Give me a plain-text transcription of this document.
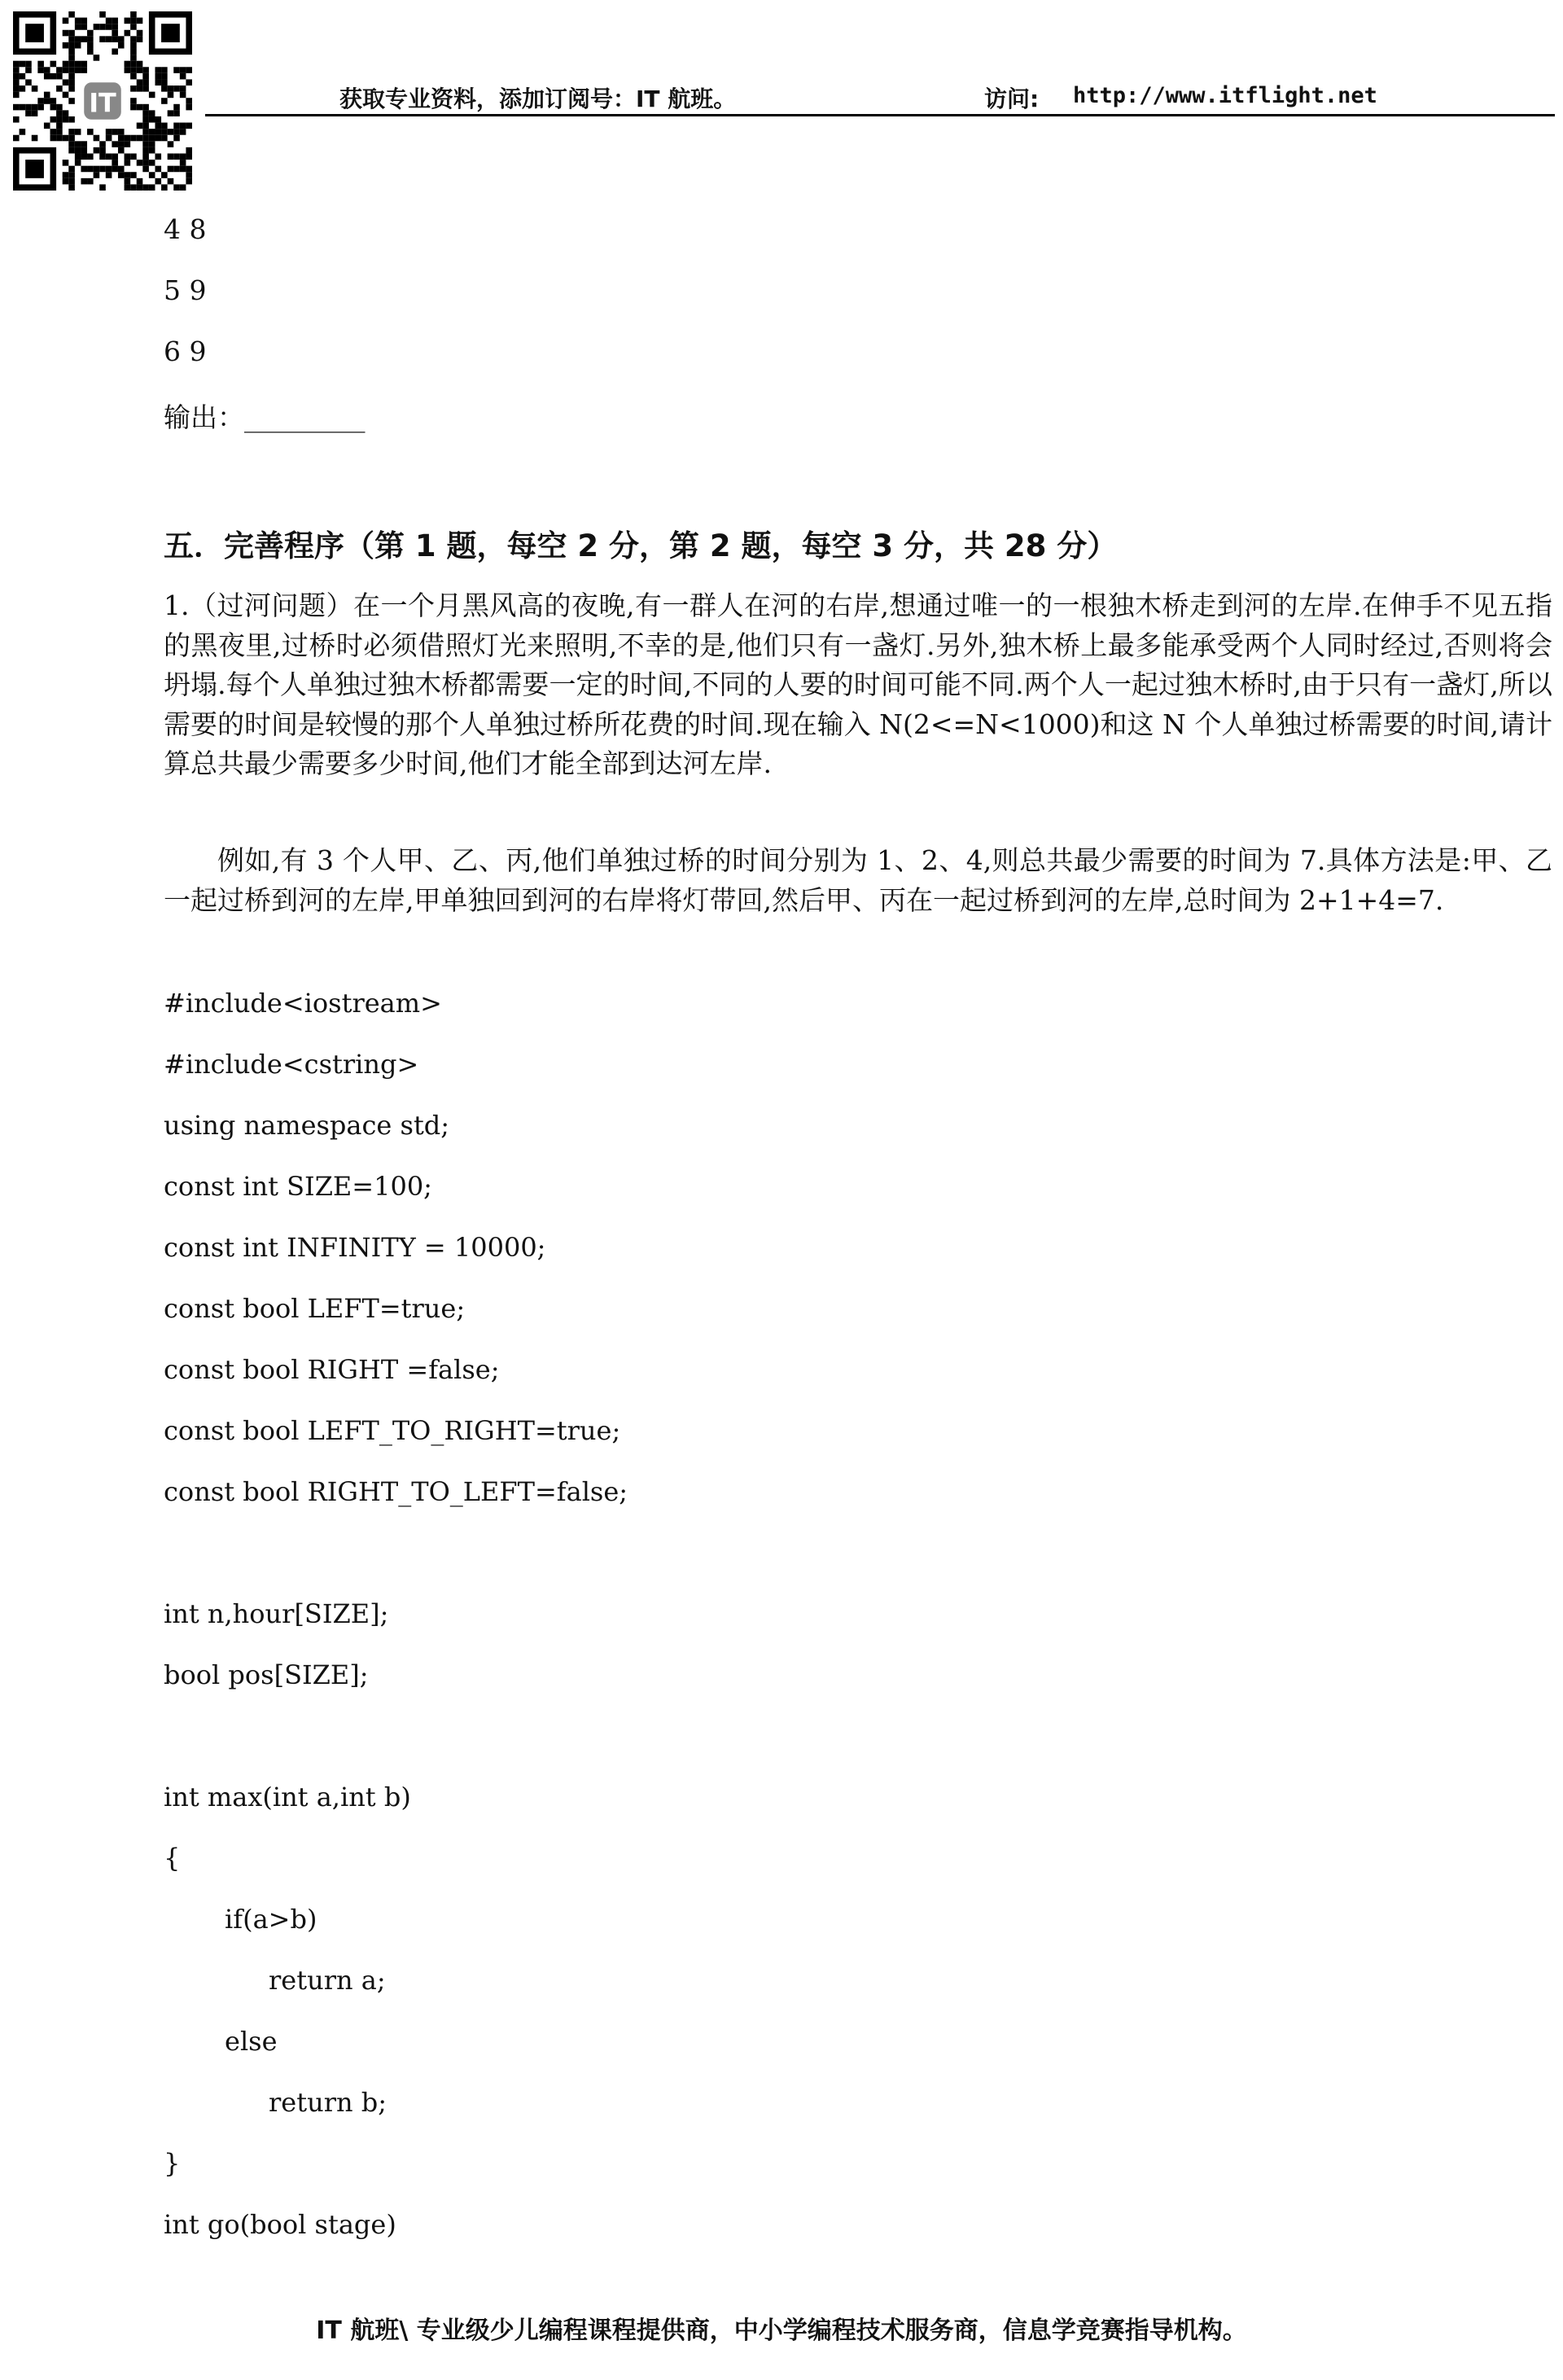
IT	获取专业资料，添加订阅号：IT 航班。	访问: http://www.itflight.net
4 8
5 9
6 9
输出：_________
五．完善程序（第 1 题，每空 2 分，第 2 题，每空 3 分，共 28 分）
1.（过河问题）在一个月黑风高的夜晚,有一群人在河的右岸,想通过唯一的一根独木桥走到河的左岸.在伸手不见五指的黑夜里,过桥时必须借照灯光来照明,不幸的是,他们只有一盏灯.另外,独木桥上最多能承受两个人同时经过,否则将会坍塌.每个人单独过独木桥都需要一定的时间,不同的人要的时间可能不同.两个人一起过独木桥时,由于只有一盏灯,所以需要的时间是较慢的那个人单独过桥所花费的时间.现在输入 N(2<=N<1000)和这 N 个人单独过桥需要的时间,请计算总共最少需要多少时间,他们才能全部到达河左岸.
例如,有 3 个人甲、乙、丙,他们单独过桥的时间分别为 1、2、4,则总共最少需要的时间为 7.具体方法是:甲、乙一起过桥到河的左岸,甲单独回到河的右岸将灯带回,然后甲、丙在一起过桥到河的左岸,总时间为 2+1+4=7.
#include<iostream>
#include<cstring>
using namespace std;
const int SIZE=100;
const int INFINITY = 10000;
const bool LEFT=true;
const bool RIGHT =false;
const bool LEFT_TO_RIGHT=true;
const bool RIGHT_TO_LEFT=false;
int n,hour[SIZE];
bool pos[SIZE];
int max(int a,int b)
{
if(a>b)
return a;
else
return b;
}
int go(bool stage)
IT 航班\ 专业级少儿编程课程提供商，中小学编程技术服务商，信息学竞赛指导机构。
